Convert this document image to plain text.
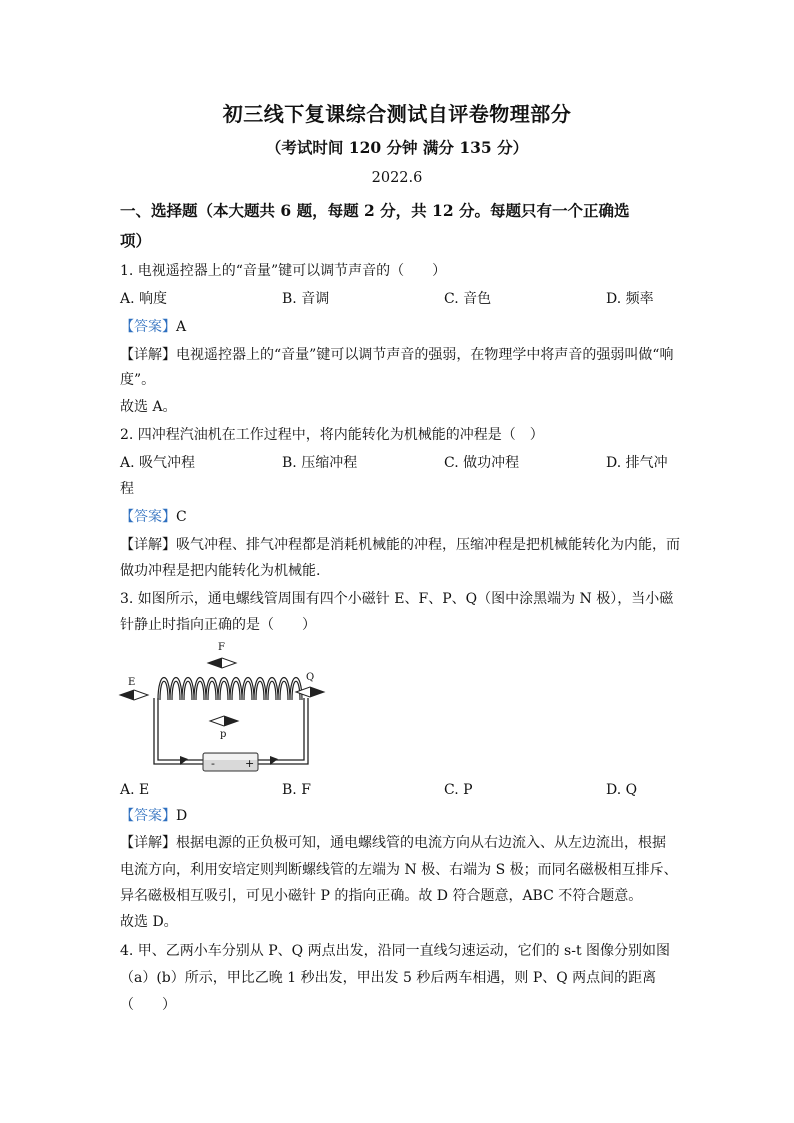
初三线下复课综合测试自评卷物理部分
（考试时间 120 分钟 满分 135 分）
2022.6
一、选择题（本大题共 6 题，每题 2 分，共 12 分。每题只有一个正确选
项）
1. 电视遥控器上的“音量”键可以调节声音的（　　）
A. 响度	B. 音调	C. 音色	D. 频率
【答案】A
【详解】电视遥控器上的“音量”键可以调节声音的强弱，在物理学中将声音的强弱叫做“响
度”。
故选 A。
2. 四冲程汽油机在工作过程中，将内能转化为机械能的冲程是（　）
A. 吸气冲程	B. 压缩冲程	C. 做功冲程	D. 排气冲
程
【答案】C
【详解】吸气冲程、排气冲程都是消耗机械能的冲程，压缩冲程是把机械能转化为内能，而
做功冲程是把内能转化为机械能.
3. 如图所示，通电螺线管周围有四个小磁针 E、F、P、Q（图中涂黑端为 N 极），当小磁
针静止时指向正确的是（　　）
-	+
E
F
Q
p
A. E	B. F	C. P	D. Q
【答案】D
【详解】根据电源的正负极可知，通电螺线管的电流方向从右边流入、从左边流出，根据
电流方向，利用安培定则判断螺线管的左端为 N 极、右端为 S 极；而同名磁极相互排斥、
异名磁极相互吸引，可见小磁针 P 的指向正确。故 D 符合题意，ABC 不符合题意。
故选 D。
4. 甲、乙两小车分别从 P、Q 两点出发，沿同一直线匀速运动，它们的 s-t 图像分别如图
（a）(b）所示，甲比乙晚 1 秒出发，甲出发 5 秒后两车相遇，则 P、Q 两点间的距离
（　　）
